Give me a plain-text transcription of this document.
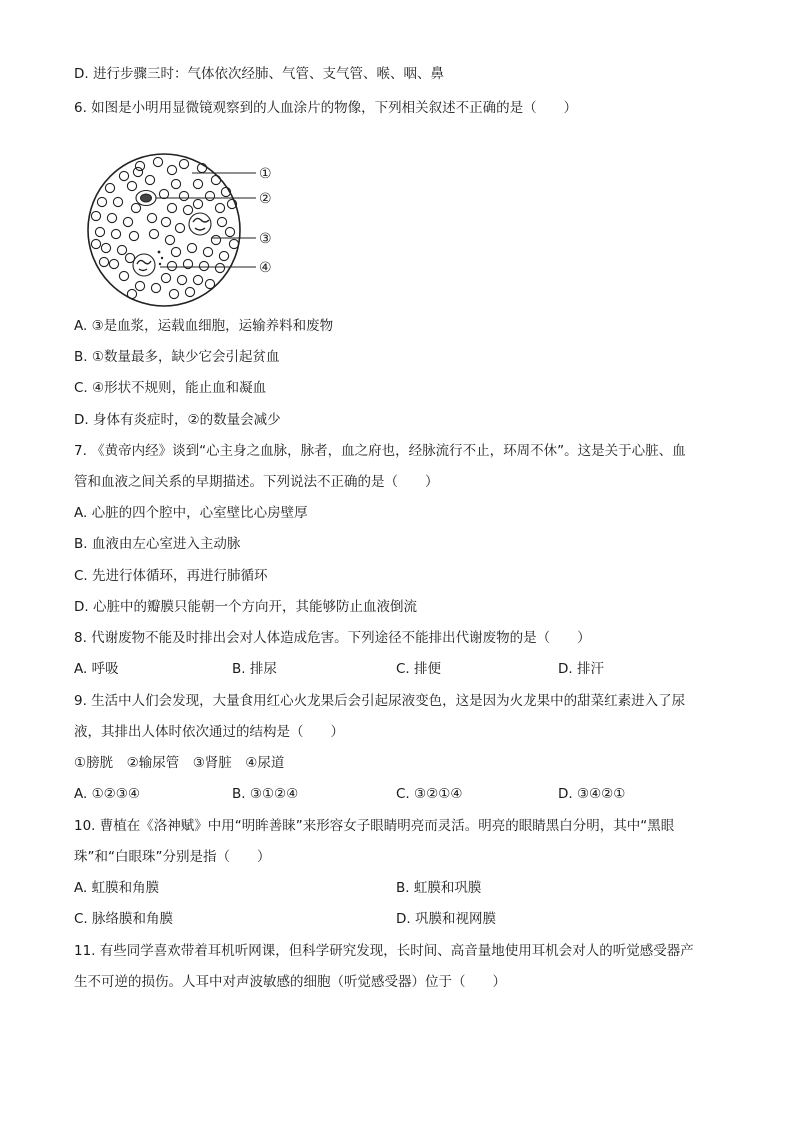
D. 进行步骤三时：气体依次经肺、气管、支气管、喉、咽、鼻
6. 如图是小明用显微镜观察到的人血涂片的物像，下列相关叙述不正确的是（　　）
①
②
③
④
A. ③是血浆，运载血细胞，运输养料和废物
B. ①数量最多，缺少它会引起贫血
C. ④形状不规则，能止血和凝血
D. 身体有炎症时，②的数量会减少
7. 《黄帝内经》谈到“心主身之血脉，脉者，血之府也，经脉流行不止，环周不休”。这是关于心脏、血
管和血液之间关系的早期描述。下列说法不正确的是（　　）
A. 心脏的四个腔中，心室壁比心房壁厚
B. 血液由左心室进入主动脉
C. 先进行体循环，再进行肺循环
D. 心脏中的瓣膜只能朝一个方向开，其能够防止血液倒流
8. 代谢废物不能及时排出会对人体造成危害。下列途径不能排出代谢废物的是（　　）
A. 呼吸	B. 排尿	C. 排便	D. 排汗
9. 生活中人们会发现，大量食用红心火龙果后会引起尿液变色，这是因为火龙果中的甜菜红素进入了尿
液，其排出人体时依次通过的结构是（　　）
①膀胱　②输尿管　③肾脏　④尿道
A. ①②③④	B. ③①②④	C. ③②①④	D. ③④②①
10. 曹植在《洛神赋》中用“明眸善睐”来形容女子眼睛明亮而灵活。明亮的眼睛黑白分明，其中“黑眼
珠”和“白眼珠”分别是指（　　）
A. 虹膜和角膜	B. 虹膜和巩膜
C. 脉络膜和角膜	D. 巩膜和视网膜
11. 有些同学喜欢带着耳机听网课，但科学研究发现，长时间、高音量地使用耳机会对人的听觉感受器产
生不可逆的损伤。人耳中对声波敏感的细胞（听觉感受器）位于（　　）
